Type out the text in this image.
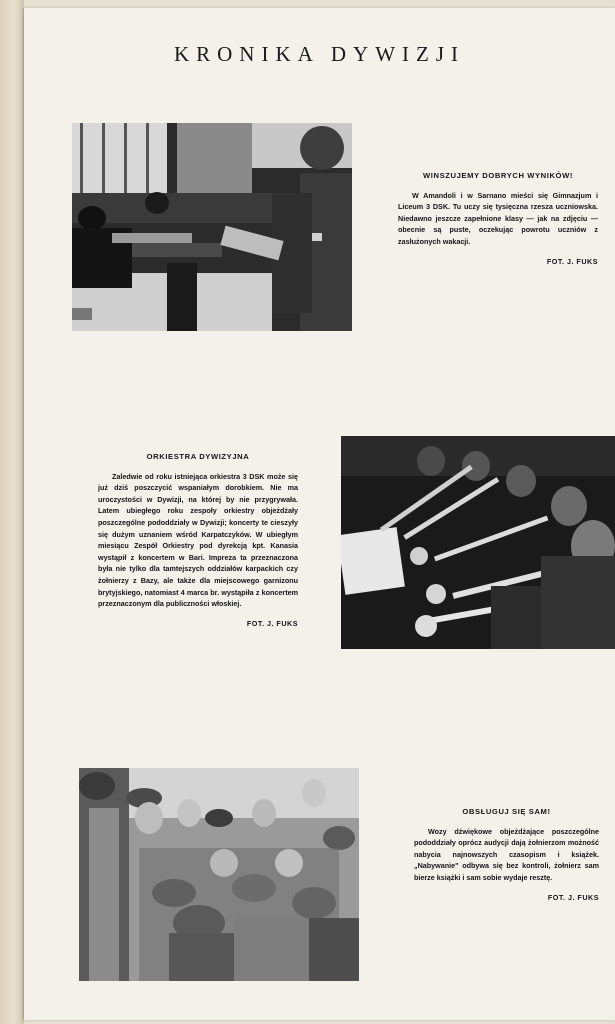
KRONIKA DYWIZJI
WINSZUJEMY DOBRYCH WYNIKÓW!

W Amandoli i w Sarnano mieści się Gimnazjum i Liceum 3 DSK. Tu uczy się tysięczna rzesza uczniowska. Niedawno jeszcze zapełnione klasy — jak na zdjęciu — obecnie są puste, oczekując powrotu uczniów z zasłużonych wakacji.

FOT. J. FUKS
ORKIESTRA DYWIZYJNA

Zaledwie od roku istniejąca orkiestra 3 DSK może się już dziś poszczycić wspaniałym dorobkiem. Nie ma uroczystości w Dywizji, na której by nie przygrywała. Latem ubiegłego roku zespoły orkiestry objeżdżały poszczególne pododdziały w Dywizji; koncerty te cieszyły się dużym uznaniem wśród Karpatczyków. W ubiegłym miesiącu Zespół Orkiestry pod dyrekcją kpt. Kanasia wystąpił z koncertem w Bari. Impreza ta przeznaczona była nie tylko dla tamtejszych oddziałów karpackich czy żołnierzy z Bazy, ale także dla miejscowego garnizonu brytyjskiego, natomiast 4 marca br. wystąpiła z koncertem przeznaczonym dla publiczności włoskiej.

FOT. J. FUKS
OBSŁUGUJ SIĘ SAM!

Wozy dźwiękowe objeżdżające poszczególne pododdziały oprócz audycji dają żołnierzom możność nabycia najnowszych czasopism i książek. „Nabywanie" odbywa się bez kontroli, żołnierz sam bierze książki i sam sobie wydaje resztę.

FOT. J. FUKS
